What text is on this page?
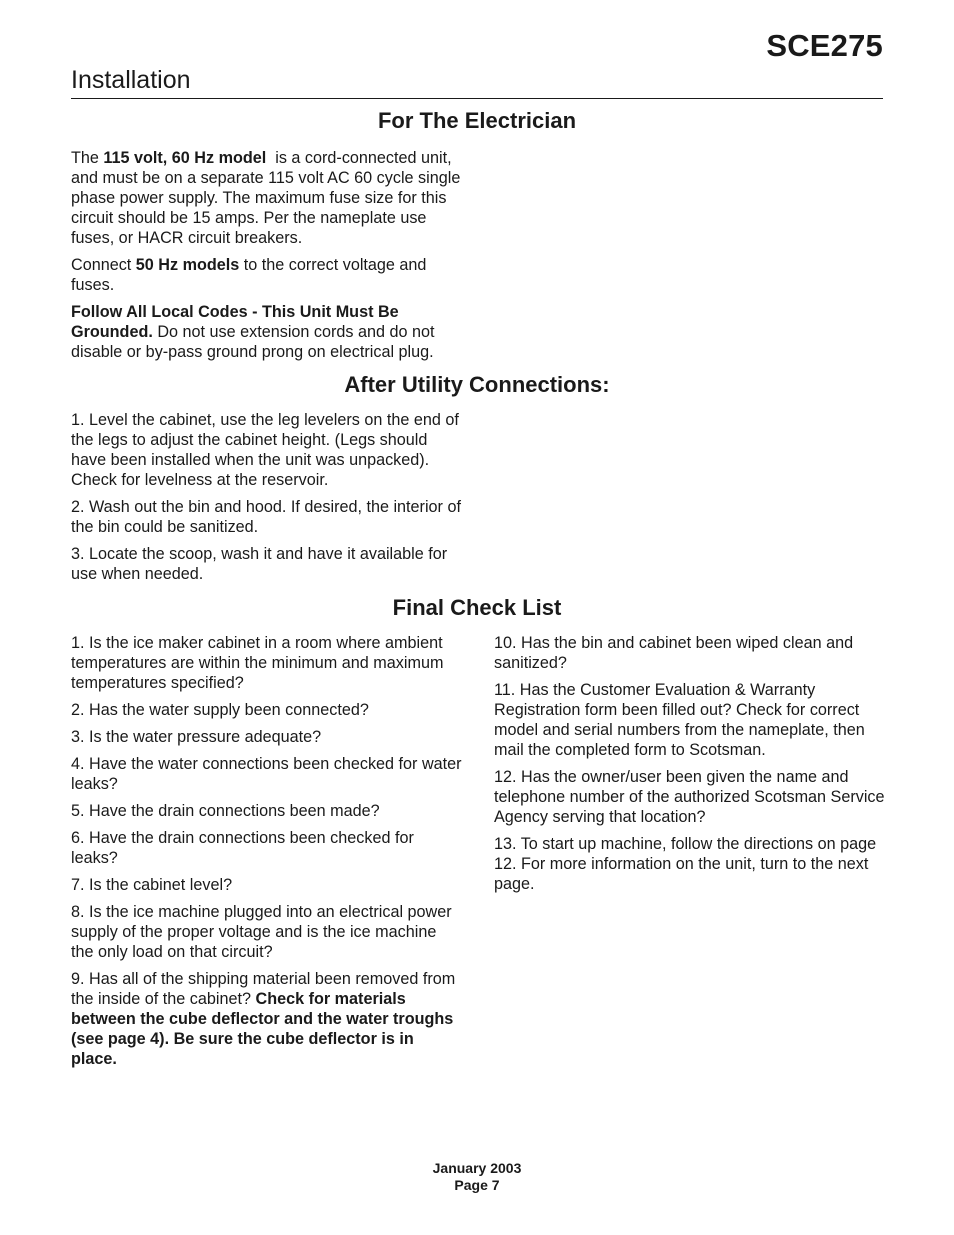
SCE275
Installation
For The Electrician

The 115 volt, 60 Hz model  is a cord-connected unit, and must be on a separate 115 volt AC 60 cycle single phase power supply. The maximum fuse size for this circuit should be 15 amps. Per the nameplate use fuses, or HACR circuit breakers.

Connect 50 Hz models to the correct voltage and fuses.

Follow All Local Codes - This Unit Must Be Grounded. Do not use extension cords and do not disable or by-pass ground prong on electrical plug.

After Utility Connections:

1. Level the cabinet, use the leg levelers on the end of the legs to adjust the cabinet height. (Legs should have been installed when the unit was unpacked). Check for levelness at the reservoir.

2. Wash out the bin and hood. If desired, the interior of the bin could be sanitized.

3. Locate the scoop, wash it and have it available for use when needed.

Final Check List

1. Is the ice maker cabinet in a room where ambient temperatures are within the minimum and maximum temperatures specified?

2. Has the water supply been connected?

3. Is the water pressure adequate?

4. Have the water connections been checked for water leaks?

5. Have the drain connections been made?

6. Have the drain connections been checked for leaks?

7. Is the cabinet level?

8. Is the ice machine plugged into an electrical power supply of the proper voltage and is the ice machine the only load on that circuit?

9. Has all of the shipping material been removed from the inside of the cabinet? Check for materials between the cube deflector and the water troughs (see page 4). Be sure the cube deflector is in place.

10. Has the bin and cabinet been wiped clean and sanitized?

11. Has the Customer Evaluation & Warranty Registration form been filled out? Check for correct model and serial numbers from the nameplate, then mail the completed form to Scotsman.

12. Has the owner/user been given the name and telephone number of the authorized Scotsman Service Agency serving that location?

13. To start up machine, follow the directions on page 12. For more information on the unit, turn to the next page.

January 2003
Page 7
